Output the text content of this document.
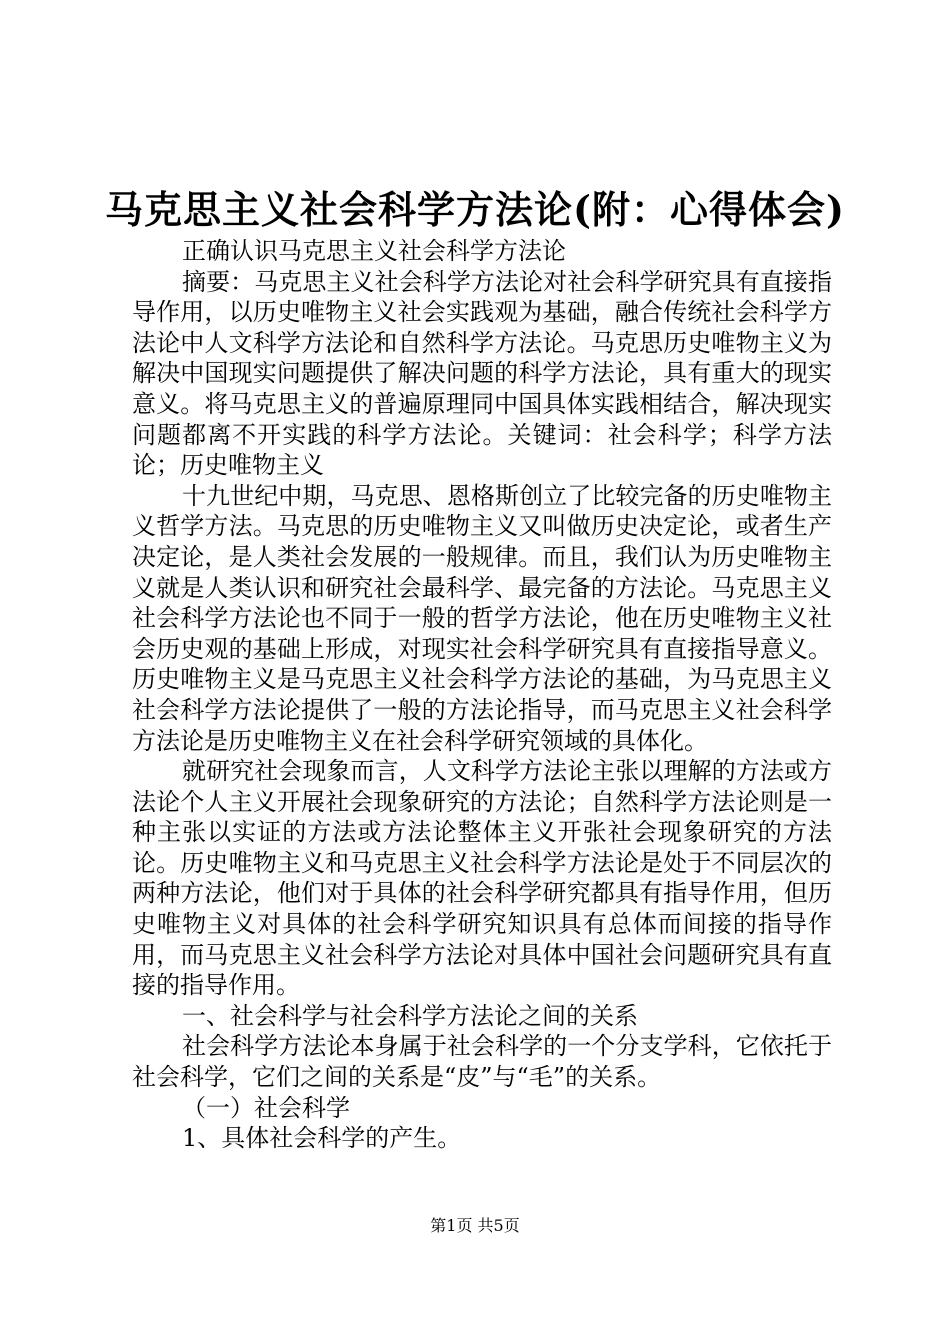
马克思主义社会科学方法论(附：心得体会)

正确认识马克思主义社会科学方法论

摘要：马克思主义社会科学方法论对社会科学研究具有直接指导作用，以历史唯物主义社会实践观为基础，融合传统社会科学方法论中人文科学方法论和自然科学方法论。马克思历史唯物主义为解决中国现实问题提供了解决问题的科学方法论，具有重大的现实意义。将马克思主义的普遍原理同中国具体实践相结合，解决现实问题都离不开实践的科学方法论。关键词：社会科学；科学方法论；历史唯物主义

十九世纪中期，马克思、恩格斯创立了比较完备的历史唯物主义哲学方法。马克思的历史唯物主义又叫做历史决定论，或者生产决定论，是人类社会发展的一般规律。而且，我们认为历史唯物主义就是人类认识和研究社会最科学、最完备的方法论。马克思主义社会科学方法论也不同于一般的哲学方法论，他在历史唯物主义社会历史观的基础上形成，对现实社会科学研究具有直接指导意义。历史唯物主义是马克思主义社会科学方法论的基础，为马克思主义社会科学方法论提供了一般的方法论指导，而马克思主义社会科学方法论是历史唯物主义在社会科学研究领域的具体化。

就研究社会现象而言，人文科学方法论主张以理解的方法或方法论个人主义开展社会现象研究的方法论；自然科学方法论则是一种主张以实证的方法或方法论整体主义开张社会现象研究的方法论。历史唯物主义和马克思主义社会科学方法论是处于不同层次的两种方法论，他们对于具体的社会科学研究都具有指导作用，但历史唯物主义对具体的社会科学研究知识具有总体而间接的指导作用，而马克思主义社会科学方法论对具体中国社会问题研究具有直接的指导作用。

一、社会科学与社会科学方法论之间的关系

社会科学方法论本身属于社会科学的一个分支学科，它依托于社会科学，它们之间的关系是“皮”与“毛”的关系。

（一）社会科学

1、具体社会科学的产生。

第1页 共5页
